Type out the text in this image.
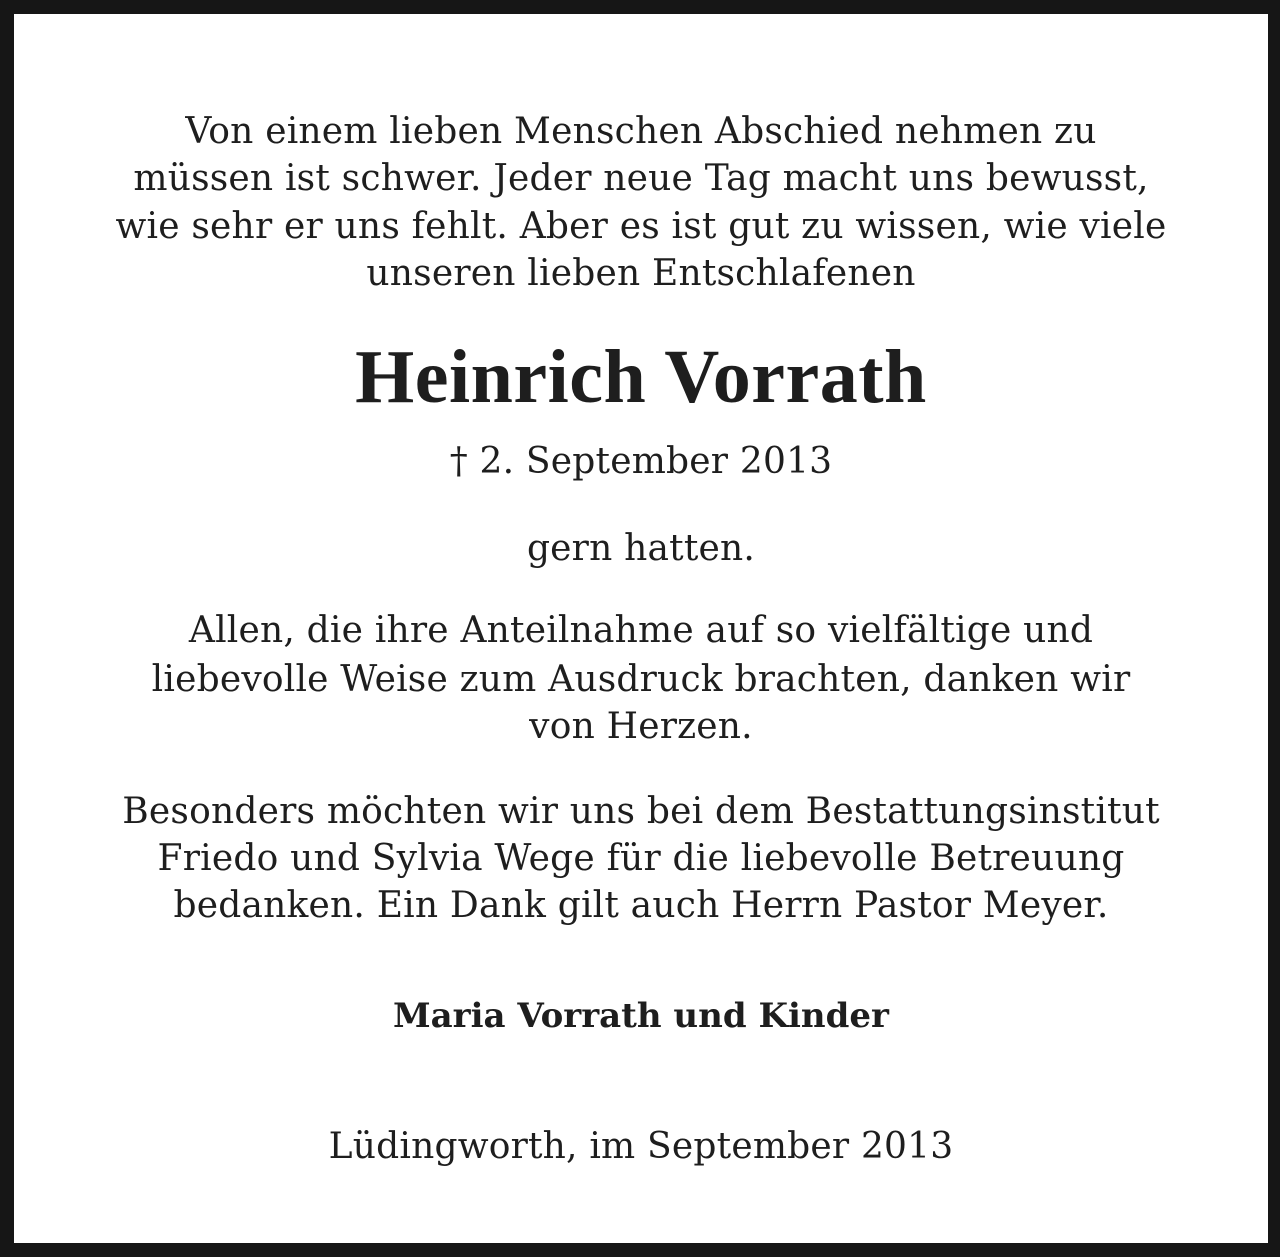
Von einem lieben Menschen Abschied nehmen zu
müssen ist schwer. Jeder neue Tag macht uns bewusst,
wie sehr er uns fehlt. Aber es ist gut zu wissen, wie viele
unseren lieben Entschlafenen
Heinrich Vorrath
† 2. September 2013
gern hatten.
Allen, die ihre Anteilnahme auf so vielfältige und
liebevolle Weise zum Ausdruck brachten, danken wir
von Herzen.
Besonders möchten wir uns bei dem Bestattungsinstitut
Friedo und Sylvia Wege für die liebevolle Betreuung
bedanken. Ein Dank gilt auch Herrn Pastor Meyer.
Maria Vorrath und Kinder
Lüdingworth, im September 2013
